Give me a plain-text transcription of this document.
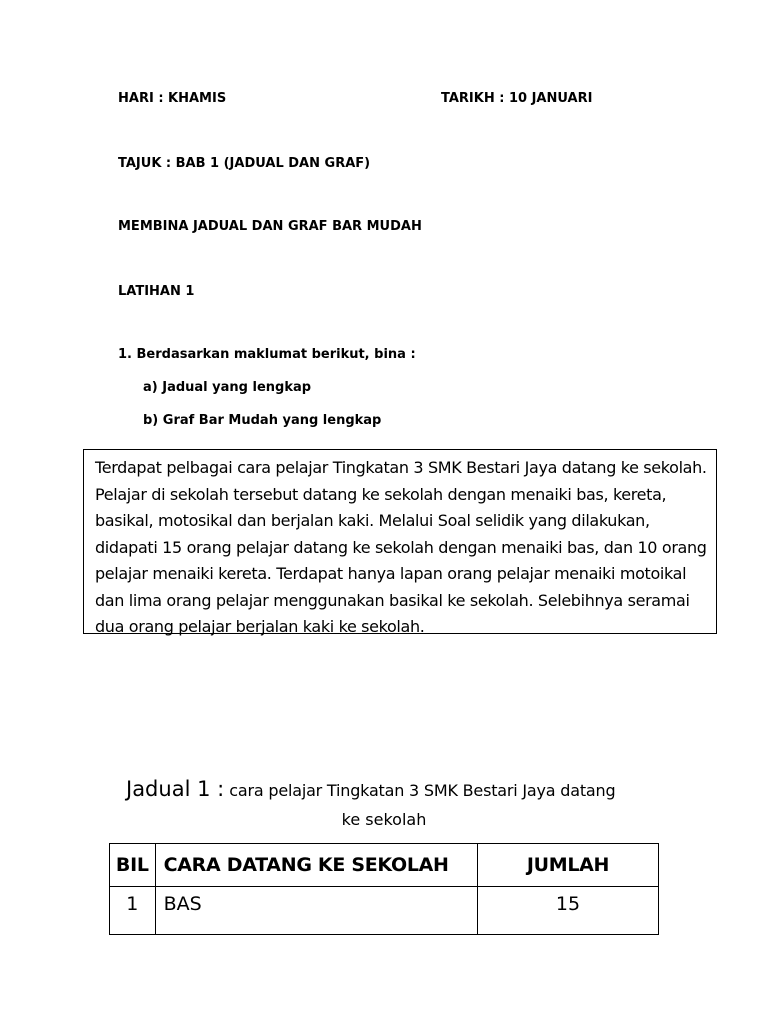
HARI : KHAMIS	TARIKH : 10 JANUARI
TAJUK : BAB 1 (JADUAL DAN GRAF)
MEMBINA JADUAL DAN GRAF BAR MUDAH
LATIHAN 1
1. Berdasarkan maklumat berikut, bina :
a) Jadual yang lengkap
b) Graf Bar Mudah yang lengkap

Terdapat pelbagai cara pelajar Tingkatan 3 SMK Bestari Jaya datang ke sekolah. Pelajar di sekolah tersebut datang ke sekolah dengan menaiki bas, kereta, basikal, motosikal dan berjalan kaki. Melalui Soal selidik yang dilakukan, didapati 15 orang pelajar datang ke sekolah dengan menaiki bas, dan 10 orang pelajar menaiki kereta. Terdapat hanya lapan orang pelajar menaiki motoikal dan lima orang pelajar menggunakan basikal ke sekolah. Selebihnya seramai dua orang pelajar berjalan kaki ke sekolah.

Jadual 1 : cara pelajar Tingkatan 3 SMK Bestari Jaya datang
ke sekolah
BIL	CARA DATANG KE SEKOLAH	JUMLAH
1	BAS	15
